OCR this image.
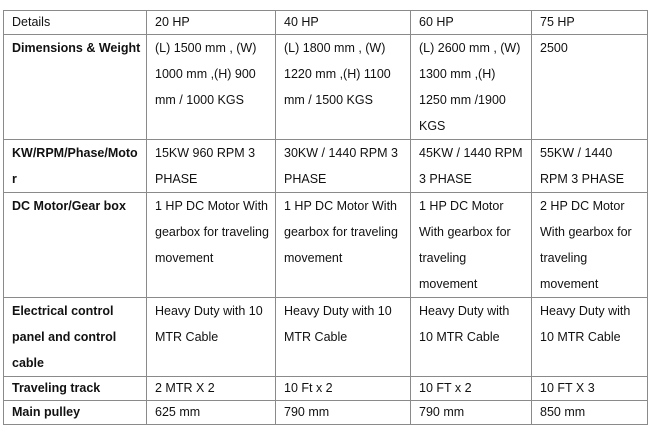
Details	20 HP	40 HP	60 HP	75 HP
Dimensions & Weight	(L) 1500 mm , (W) 1000 mm ,(H) 900 mm / 1000 KGS	(L) 1800 mm , (W) 1220 mm ,(H) 1100 mm / 1500 KGS	(L) 2600 mm , (W) 1300 mm ,(H) 1250 mm /1900 KGS	2500
KW/RPM/Phase/Motor	15KW 960 RPM 3 PHASE	30KW / 1440 RPM 3 PHASE	45KW / 1440 RPM 3 PHASE	55KW / 1440 RPM 3 PHASE
DC Motor/Gear box	1 HP DC Motor With gearbox for traveling movement	1 HP DC Motor With gearbox for traveling movement	1 HP DC Motor With gearbox for traveling movement	2 HP DC Motor With gearbox for traveling movement
Electrical control panel and control cable	Heavy Duty with 10 MTR Cable	Heavy Duty with 10 MTR Cable	Heavy Duty with 10 MTR Cable	Heavy Duty with 10 MTR Cable
Traveling track	2 MTR X 2	10 Ft x 2	10 FT x 2	10 FT X 3
Main pulley	625 mm	790 mm	790 mm	850 mm
